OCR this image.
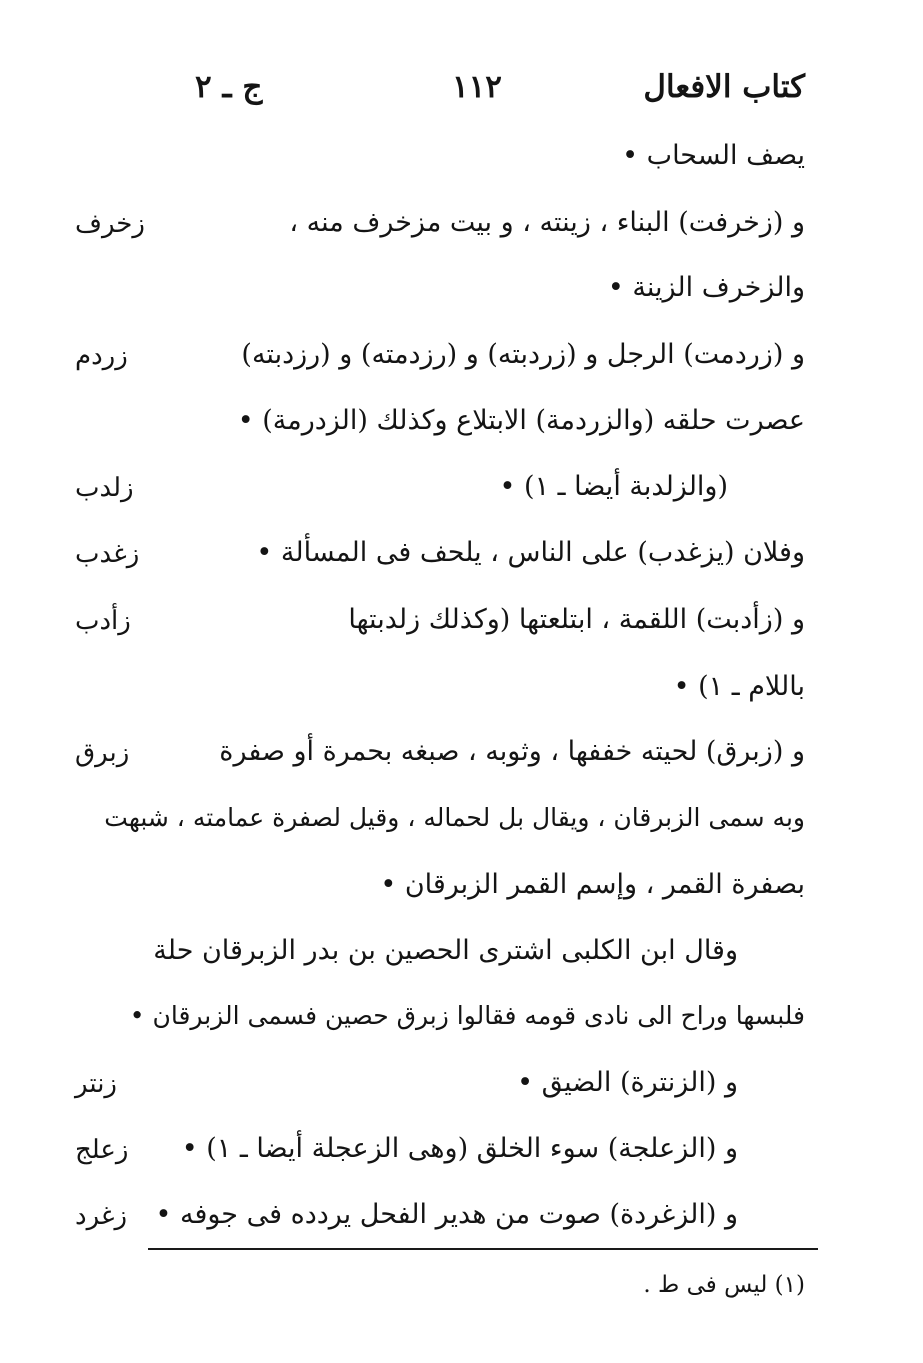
كتاب الافعال
١١٢
ج ـ ٢
يصف السحاب •
و (زخرفت) البناء ، زينته ، و بيت مزخرف منه ،
زخرف
والزخرف الزينة •
و (زردمت) الرجل و (زردبته) و (رزدمته) و (رزدبته)
زردم
عصرت حلقه (والزردمة) الابتلاع وكذلك (الزدرمة) •
(والزلدبة أيضا ـ ١) •
زلدب
وفلان (يزغدب) على الناس ، يلحف فى المسألة •
زغدب
و (زأدبت) اللقمة ، ابتلعتها (وكذلك زلدبتها
زأدب
باللام ـ ١) •
و (زبرق) لحيته خففها ، وثوبه ، صبغه بحمرة أو صفرة
زبرق
وبه سمى الزبرقان ، ويقال بل لحماله ، وقيل لصفرة عمامته ، شبهت
بصفرة القمر ، وإسم القمر الزبرقان •
وقال ابن الكلبى اشترى الحصين بن بدر الزبرقان حلة
فلبسها وراح الى نادى قومه فقالوا زبرق حصين فسمى الزبرقان •
و (الزنترة) الضيق •
زنتر
و (الزعلجة) سوء الخلق (وهى الزعجلة أيضا ـ ١) •
زعلج
و (الزغردة) صوت من هدير الفحل يردده فى جوفه •
زغرد
(١) ليس فى ط .
